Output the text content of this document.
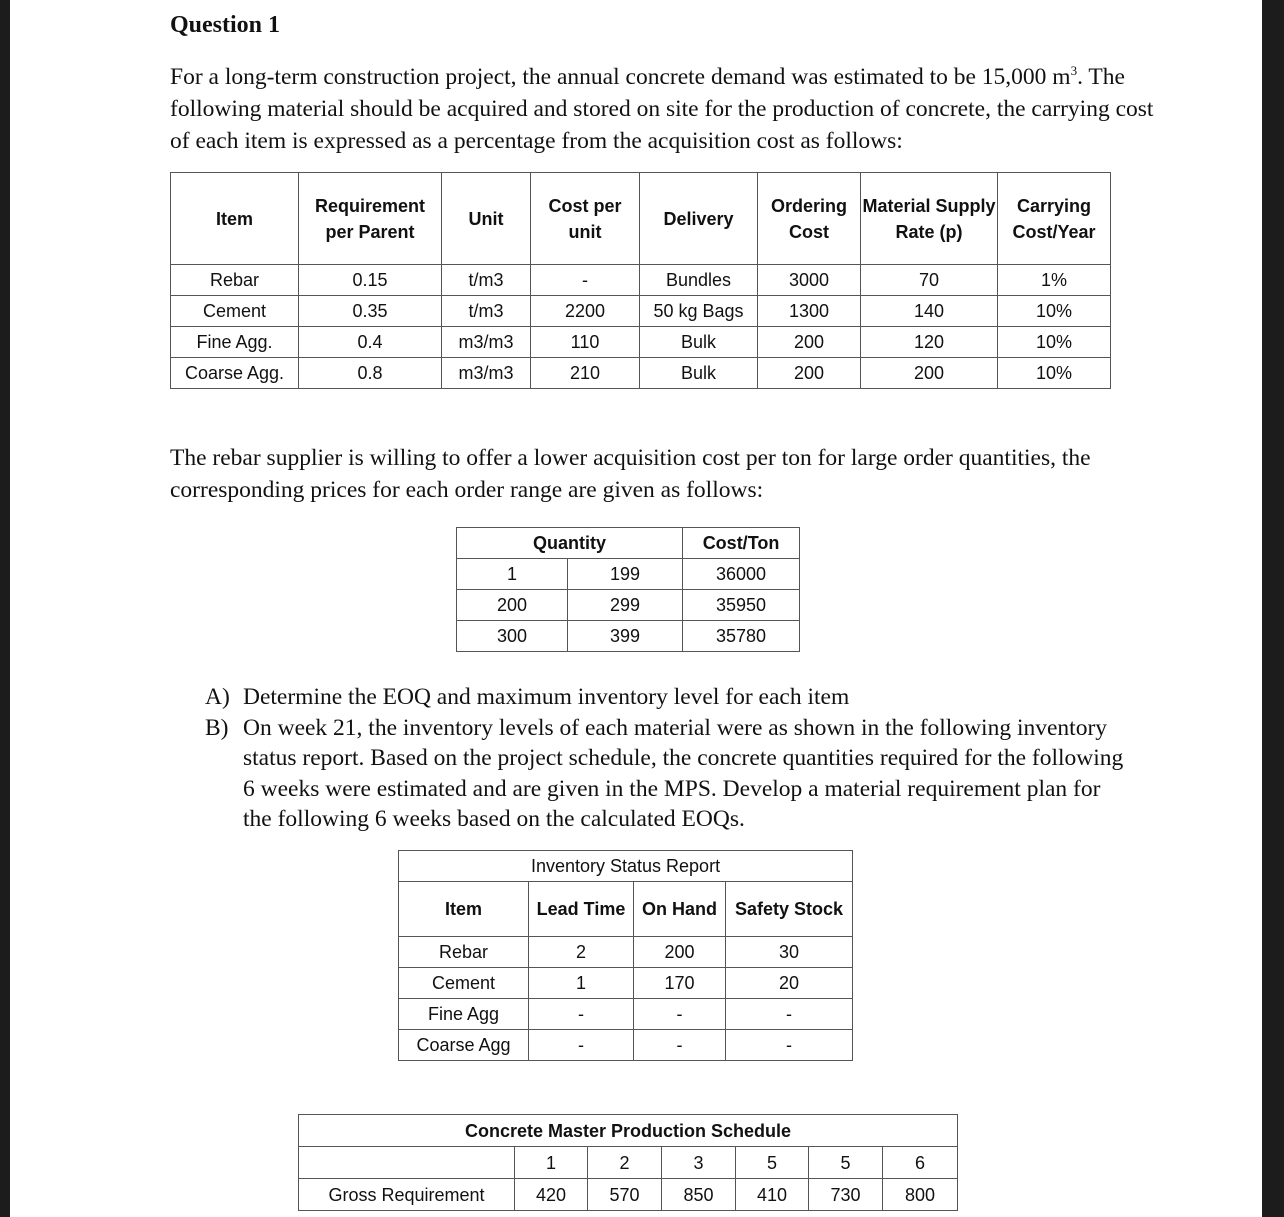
Question 1

For a long-term construction project, the annual concrete demand was estimated to be 15,000 $m^3$. The following material should be acquired and stored on site for the production of concrete, the carrying cost of each item is expressed as a percentage from the acquisition cost as follows:

Item	Requirement per Parent	Unit	Cost per unit	Delivery	Ordering Cost	Material Supply Rate (p)	Carrying Cost/Year
Rebar	0.15	t/m3	-	Bundles	3000	70	1%
Cement	0.35	t/m3	2200	50 kg Bags	1300	140	10%
Fine Agg.	0.4	m3/m3	110	Bulk	200	120	10%
Coarse Agg.	0.8	m3/m3	210	Bulk	200	200	10%

The rebar supplier is willing to offer a lower acquisition cost per ton for large order quantities, the corresponding prices for each order range are given as follows:

Quantity		Cost/Ton
1	199	36000
200	299	35950
300	399	35780
A) Determine the EOQ and maximum inventory level for each item
B) On week 21, the inventory levels of each material were as shown in the following inventory status report. Based on the project schedule, the concrete quantities required for the following 6 weeks were estimated and are given in the MPS. Develop a material requirement plan for the following 6 weeks based on the calculated EOQs.
Inventory Status Report			
Item	Lead Time	On Hand	Safety Stock
Rebar	2	200	30
Cement	1	170	20
Fine Agg	-	-	-
Coarse Agg	-	-	-
Concrete Master Production Schedule						
	1	2	3	5	5	6
Gross Requirement	420	570	850	410	730	800
